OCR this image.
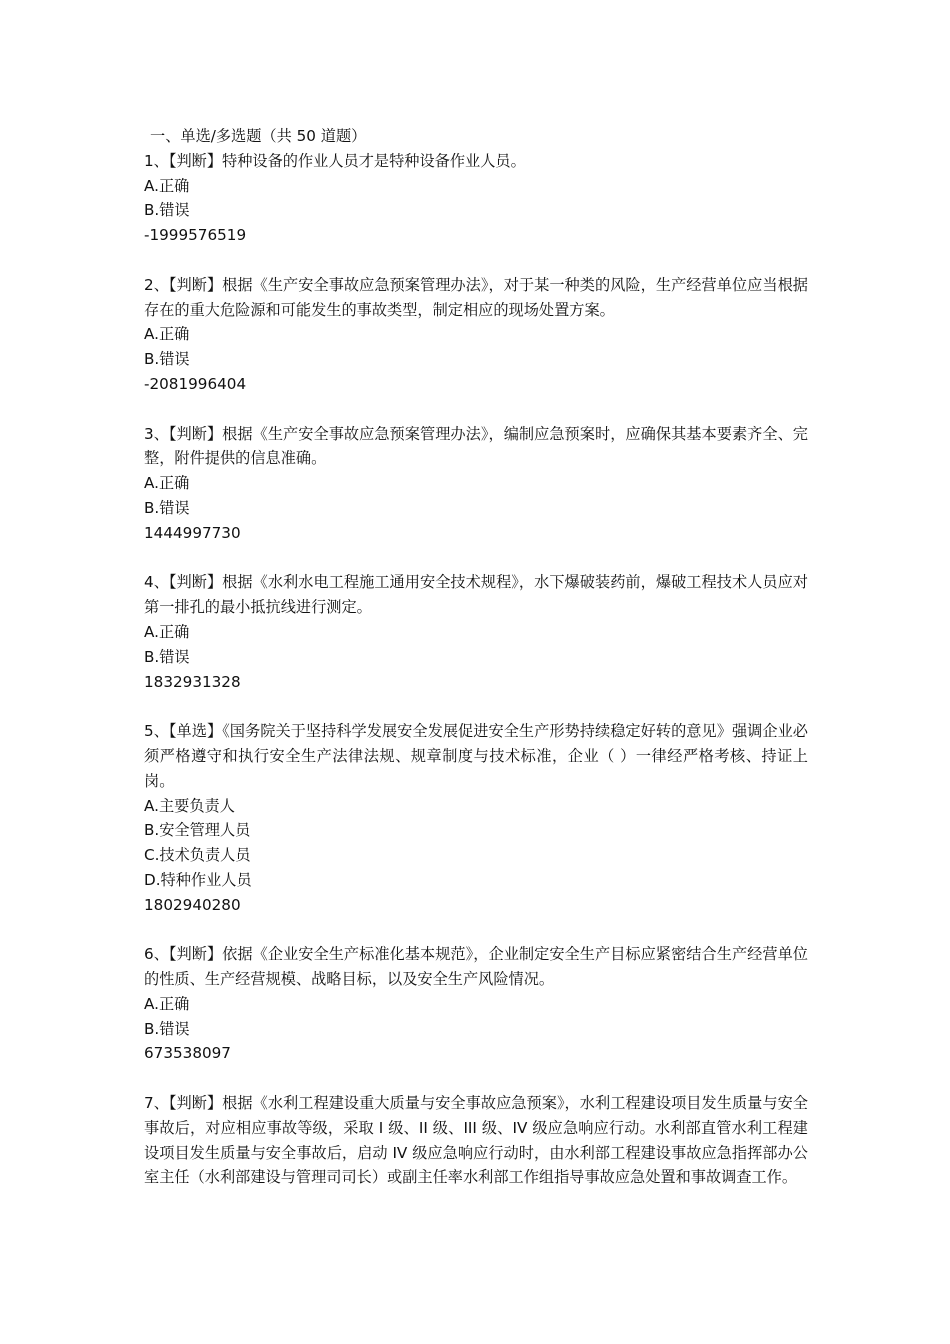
一、单选/多选题（共 50 道题）

1、【判断】特种设备的作业人员才是特种设备作业人员。

A.正确

B.错误

-1999576519

2、【判断】根据《生产安全事故应急预案管理办法》，对于某一种类的风险，生产经营单位应当根据存在的重大危险源和可能发生的事故类型，制定相应的现场处置方案。

A.正确

B.错误

-2081996404

3、【判断】根据《生产安全事故应急预案管理办法》，编制应急预案时，应确保其基本要素齐全、完整，附件提供的信息准确。

A.正确

B.错误

1444997730

4、【判断】根据《水利水电工程施工通用安全技术规程》，水下爆破装药前，爆破工程技术人员应对第一排孔的最小抵抗线进行测定。

A.正确

B.错误

1832931328

5、【单选】《国务院关于坚持科学发展安全发展促进安全生产形势持续稳定好转的意见》强调企业必须严格遵守和执行安全生产法律法规、规章制度与技术标准，企业（ ）一律经严格考核、持证上岗。

A.主要负责人

B.安全管理人员

C.技术负责人员

D.特种作业人员

1802940280

6、【判断】依据《企业安全生产标准化基本规范》，企业制定安全生产目标应紧密结合生产经营单位的性质、生产经营规模、战略目标，以及安全生产风险情况。

A.正确

B.错误

673538097

7、【判断】根据《水利工程建设重大质量与安全事故应急预案》，水利工程建设项目发生质量与安全事故后，对应相应事故等级，采取 I 级、II 级、III 级、IV 级应急响应行动。水利部直管水利工程建设项目发生质量与安全事故后，启动 IV 级应急响应行动时，由水利部工程建设事故应急指挥部办公室主任（水利部建设与管理司司长）或副主任率水利部工作组指导事故应急处置和事故调查工作。
